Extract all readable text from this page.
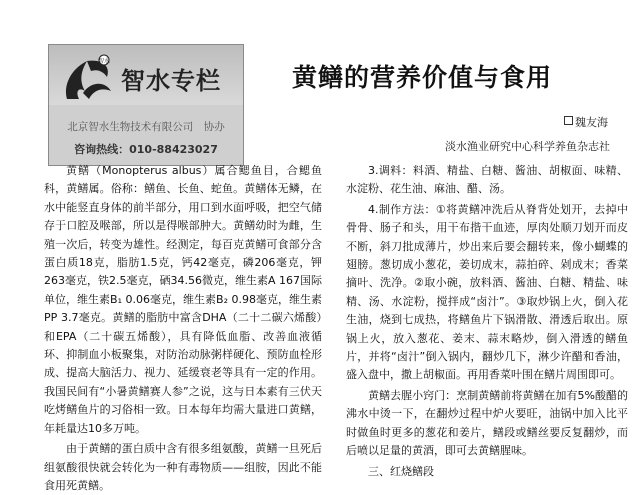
智水
智水专栏
北京智水生物技术有限公司　协办
咨询热线：010-88423027
黄鳝的营养价值与食用
魏友海
淡水渔业研究中心科学养鱼杂志社

黄鳝（Monopterus albus）属合鳃鱼目，合鳃鱼科，黄鳝属。俗称：鳝鱼、长鱼、蛇鱼。黄鳝体无鳞，在水中能竖直身体的前半部分，用口到水面呼吸，把空气储存于口腔及喉部，所以是得喉部肿大。黄鳝幼时为雌，生殖一次后，转变为雄性。经测定，每百克黄鳝可食部分含蛋白质18克，脂肪1.5克，钙42毫克，磷206毫克，钾263毫克，铁2.5毫克，硒34.56微克，维生素A 167国际单位，维生素B₁ 0.06毫克，维生素B₂ 0.98毫克，维生素PP 3.7毫克。黄鳝的脂肪中富含DHA（二十二碳六烯酸）和EPA（二十碳五烯酸），具有降低血脂、改善血液循环、抑制血小板聚集，对防治动脉粥样硬化、预防血栓形成、提高大脑活力、视力、延缓衰老等具有一定的作用。我国民间有“小暑黄鳝赛人参”之说，这与日本素有三伏天吃烤鳝鱼片的习俗相一致。日本每年均需大量进口黄鳝，年耗量达10多万吨。

由于黄鳝的蛋白质中含有很多组氨酸，黄鳝一旦死后组氨酸很快就会转化为一种有毒物质——组胺，因此不能食用死黄鳝。

3.调料：料酒、精盐、白糖、酱油、胡椒面、味精、水淀粉、花生油、麻油、醋、汤。

4.制作方法：①将黄鳝冲洗后从脊背处划开，去掉中骨骨、肠子和头，用干布揩干血迹，厚肉处顺刀划开而皮不断，斜刀批成薄片，炒出来后要会翻转来，像小蝴蝶的翅膀。葱切成小葱花，姜切成末，蒜拍碎、剁成末；香菜摘叶、洗净。②取小碗，放料酒、酱油、白糖、精盐、味精、汤、水淀粉，搅拌成“卤汁”。③取炒锅上火，倒入花生油，烧到七成热，将鳝鱼片下锅滑散、滑透后取出。原锅上火，放入葱花、姜末、蒜末略炒，倒入滑透的鳝鱼片，并将“卤汁”倒入锅内，翻炒几下，淋少许醋和香油，盛入盘中，撒上胡椒面。再用香菜叶围在鳝片周围即可。

黄鳝去腥小窍门：烹制黄鳝前将黄鳝在加有5%酸醋的沸水中烫一下，在翻炒过程中炉火要旺，油锅中加入比平时做鱼时更多的葱花和姜片，鳝段或鳝丝要反复翻炒，而后喷以足量的黄酒，即可去黄鳝腥味。

三、红烧鳝段
